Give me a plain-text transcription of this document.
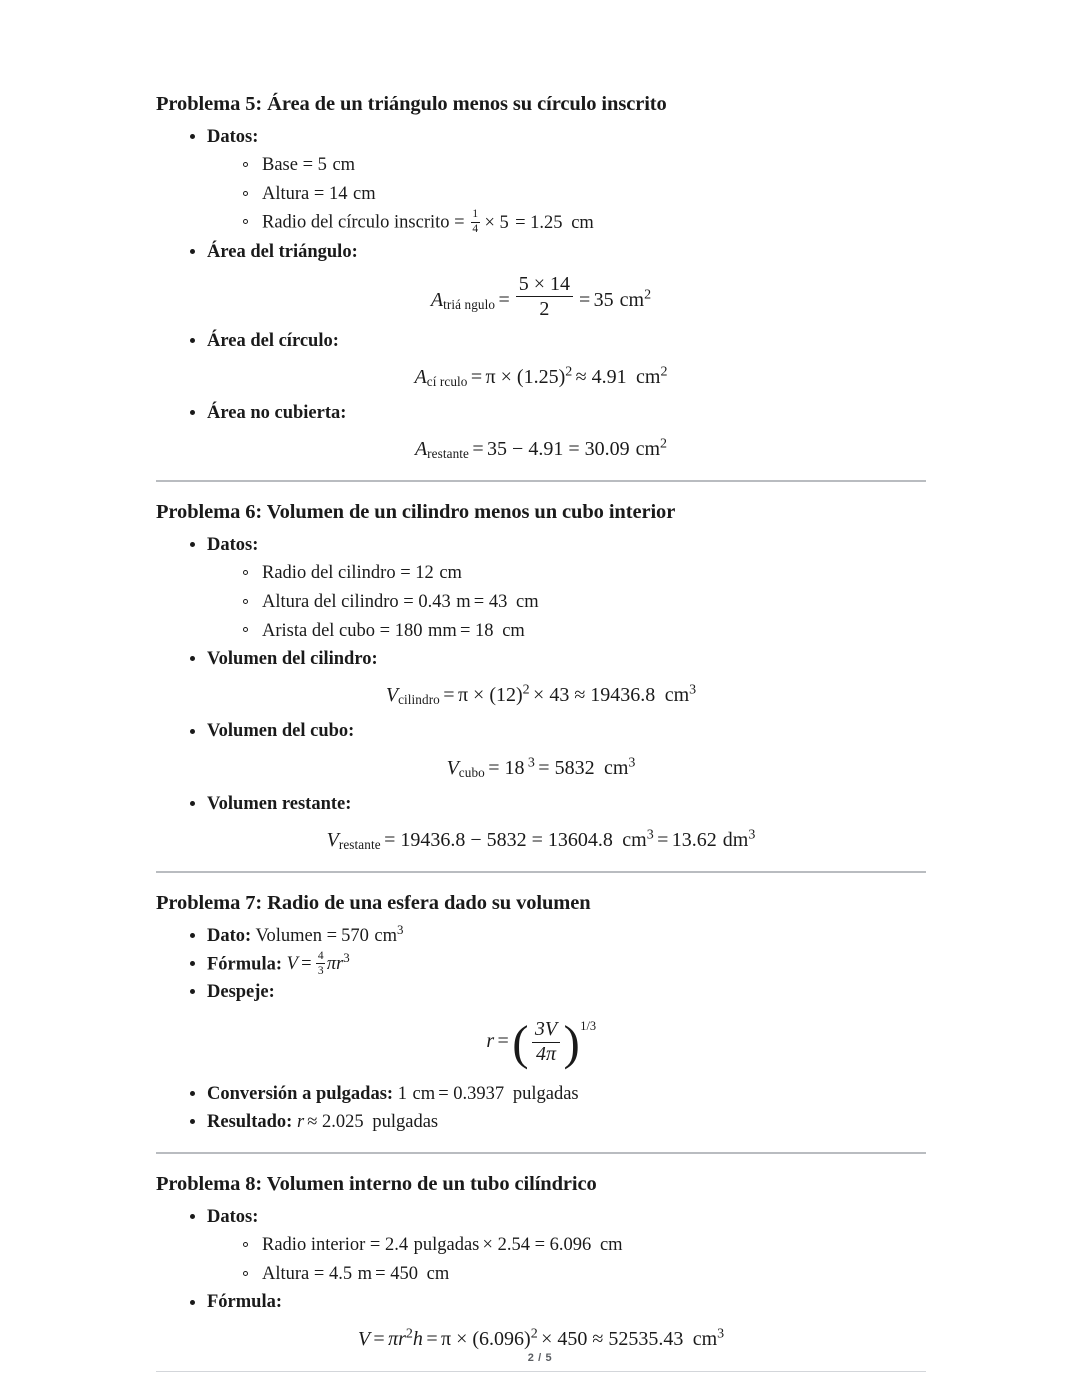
Problema 5: Área de un triángulo menos su círculo inscrito
Datos:
Base = 5 cm
Altura = 14 cm
Radio del círculo inscrito = $\frac{1}{4} \times 5 = 1.25$ cm
Área del triángulo:
$A_{triá ngulo} = \frac{5 \times 14}{2} = 35$ $cm^2$
Área del círculo:
$A_{cí rculo} = \pi \times (1.25)^2 \approx 4.91$ $cm^2$
Área no cubierta:
$A_{restante} = 35 - 4.91 = 30.09$ $cm^2$
Problema 6: Volumen de un cilindro menos un cubo interior
Datos:
Radio del cilindro = 12 cm
Altura del cilindro = 0.43 m = 43 cm
Arista del cubo = 180 mm = 18 cm
Volumen del cilindro:
$V_{cilindro} = \pi \times (12)^2 \times 43 \approx 19436.8$ $cm^3$
Volumen del cubo:
$V_{cubo} = 18$ $^3$ = 5832 $cm^3$
Volumen restante:
$V_{restante} = 19436.8 - 5832 = 13604.8$ $cm^3 = 13.62$ $dm^3$
Problema 7: Radio de una esfera dado su volumen
Dato: Volumen = 570 $cm^3$
Fórmula: $V = \frac{4}{3} \pi r^3$
Despeje:
r =( $\frac{3V}{4\pi} )1/3$
Conversión a pulgadas: 1 cm = 0.3937 pulgadas
Resultado: r ≈ 2.025 pulgadas
Problema 8: Volumen interno de un tubo cilíndrico
Datos:
Radio interior = 2.4 pulgadas × 2.54 = 6.096 cm
Altura = 4.5 m = 450 cm
Fórmula:
$V = \pi r^2h = \pi \times (6.096)^2 \times 450 \approx 52535.43$ $cm^3$
2 / 5
